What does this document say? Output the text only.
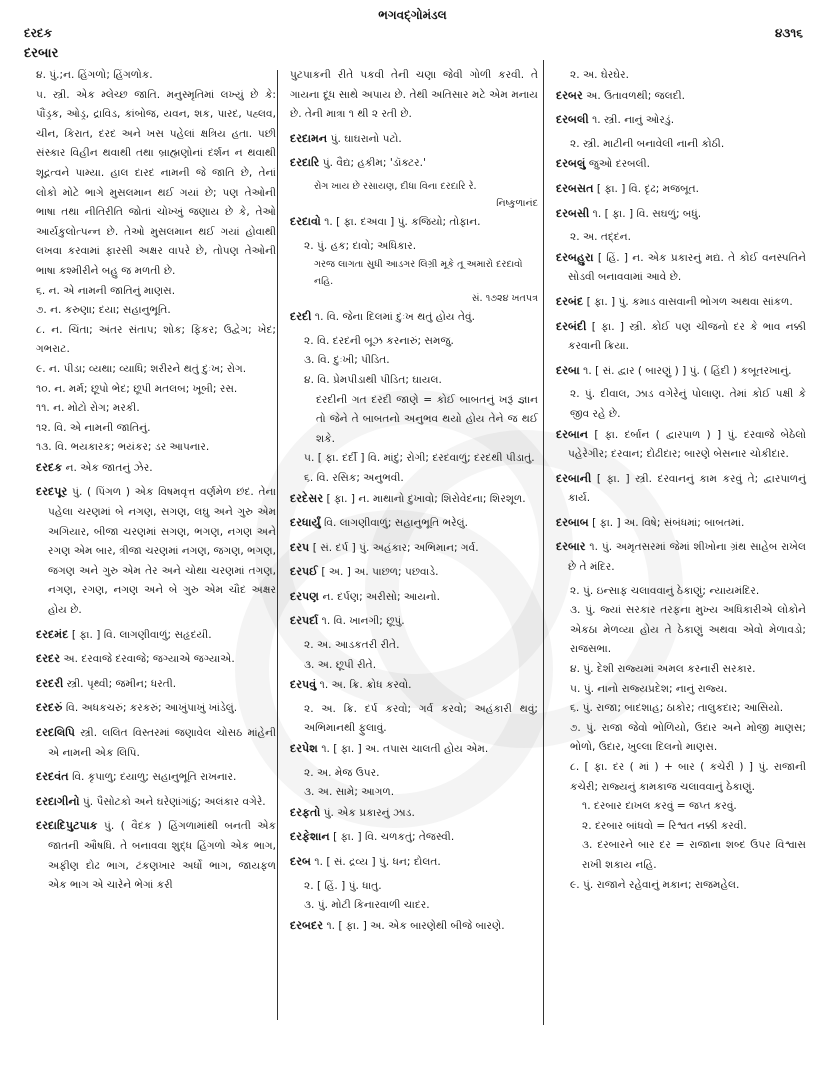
દરદક
દરબાર
ભગવદ્ગોમંડલ
૪૩૧૬
૪. પું.;ન. હિંગળો; હિંગળોક.
૫. સ્ત્રી. એક મ્લેચ્છ જાતિ. મનુસ્મૃતિમાં લખ્યું છે કે: પૌંડ્રક, ઓડ્ર, દ્રાવિડ, કાંબોજ, યવન, શક, પારદ, પહ્લવ, ચીન, કિરાત, દરદ અને ખસ પહેલાં ક્ષત્રિય હતા. પછી સંસ્કાર વિહીન થવાથી તથા બ્રાહ્મણોનાં દર્શન ન થવાથી શૂદ્રત્વને પામ્યા. હાલ દારદ નામની જે જાતિ છે, તેનાં લોકો મોટે ભાગે મુસલમાન થઈ ગયાં છે; પણ તેઓની ભાષા તથા નીતિરીતિ જોતાં ચોખ્ખું જણાય છે કે, તેઓ આર્યકુલોત્પન્ન છે. તેઓ મુસલમાન થઈ ગયાં હોવાથી લખવા કરવામાં ફારસી અક્ષર વાપરે છે, તોપણ તેઓની ભાષા કશ્મીરીને બહુ જ મળતી છે.
૬. ન. એ નામની જાતિનું માણસ.
૭. ન. કરુણા; દયા; સહાનુભૂતિ.
૮. ન. ચિંતા; અંતર સંતાપ; શોક; ફિકર; ઉદ્વેગ; ખેદ; ગભરાટ.
૯. ન. પીડા; વ્યથા; વ્યાધિ; શરીરને થતું દુઃખ; રોગ.
૧૦. ન. મર્મ; છૂપો ભેદ; છૂપી મતલબ; ખૂબી; રસ.
૧૧. ન. મોટો રોગ; મરકી.
૧૨. વિ. એ નામની જાતિનું.
૧૩. વિ. ભયકારક; ભયંકર; ડર આપનાર.
દરદક ન. એક જાતનું ઝેર.
દરદપૂર પું. ( પિંગળ ) એક વિષમવૃત્ત વર્ણમેળ છંદ. તેના પહેલા ચરણમાં બે નગણ, સગણ, લઘુ અને ગુરુ એમ અગિયાર, બીજા ચરણમાં સગણ, ભગણ, નગણ અને રગણ એમ બાર, ત્રીજા ચરણમાં નગણ, જગણ, ભગણ, જગણ અને ગુરુ એમ તેર અને ચોથા ચરણમાં તગણ, નગણ, રગણ, નગણ અને બે ગુરુ એમ ચૌદ અક્ષર હોય છે.
દરદમંદ [ ફા. ] વિ. લાગણીવાળું; સહૃદયી.
દરદર અ. દરવાજે દરવાજે; જગ્યાએ જગ્યાએ.
દરદરી સ્ત્રી. પૃથ્વી; જમીન; ધરતી.
દરદરું વિ. અધકચરું; કરકરું; આખુંપાખું ખાંડેલું.
દરદલિપિ સ્ત્રી. લલિત વિસ્તરમાં જણાવેલ ચોસઠ માંહેની એ નામની એક લિપિ.
દરદવંત વિ. કૃપાળુ; દયાળુ; સહાનુભૂતિ રાખનાર.
દરદાગીનો પું. પૈસોટકો અને ઘરેણાંગાંઠું; અલંકાર વગેરે.
દરદાદિપુટપાક પું. ( વૈદક ) હિંગળામાંથી બનતી એક જાતની ઔષધિ. તે બનાવવા શુદ્ધ હિંગળો એક ભાગ, અફીણ દોઢ ભાગ, ટંકણખાર અર્ધો ભાગ, જાયફળ એક ભાગ એ ચારેને ભેગાં કરી
પુટપાકની રીતે પકવી તેની ચણા જેવી ગોળી કરવી. તે ગાયના દૂધ સાથે અપાય છે. તેથી અતિસાર મટે એમ મનાય છે. તેની માત્રા ૧ થી ૨ રતી છે.
દરદામન પું. ઘાઘરાનો પટો.
દરદારિ પું. વૈદ્ય; હકીમ; 'ડૉક્ટર.'
રોગ ખાય છે રસાયણ, દીધા વિના દરદારિ રે.
નિષ્કુળાનંદ
દરદાવો ૧. [ ફા. દઅવા ] પું. કજિયો; તોફાન.
૨. પું. હક; દાવો; અધિકાર.
ગરજ લાગતા સુધી આડગર લિગ્રી મૂકે તૂ અમારો દરદાવો નહિ.
સં. ૧૭૨૪ ખતપત્ર
દરદી ૧. વિ. જેના દિલમાં દુઃખ થતું હોય તેવું.
૨. વિ. દરદની બૂઝ કરનારું; સમજુ.
૩. વિ. દુઃખી; પીડિત.
૪. વિ. પ્રેમપીડાથી પીડિત; ઘાયલ.
દરદીની ગત દરદી જાણે = કોઈ બાબતનું ખરૂં જ્ઞાન તો જેને તે બાબતનો અનુભવ થયો હોય તેને જ થઈ શકે.
૫. [ ફા. દર્દી ] વિ. માંદું; રોગી; દરદવાળું; દરદથી પીડાતું.
૬. વિ. રસિક; અનુભવી.
દરદેસર [ ફા. ] ન. માથાનો દુખાવો; શિરોવેદના; શિરશૂળ.
દરધાર્યું વિ. લાગણીવાળું; સહાનુભૂતિ ભરેલું.
દરપ [ સં. દર્પ ] પું. અહંકાર; અભિમાન; ગર્વ.
દરપઈ [ અ. ] અ. પાછળ; પછવાડે.
દરપણ ન. દર્પણ; અરીસો; આયનો.
દરપર્દા ૧. વિ. ખાનગી; છૂપું.
૨. અ. આડકતરી રીતે.
૩. અ. છૂપી રીતે.
દરપવું ૧. અ. ક્રિ. ક્રોધ કરવો.
૨. અ. ક્રિ. દર્પ કરવો; ગર્વ કરવો; અહંકારી થવું; અભિમાનથી ફુલાવું.
દરપેશ ૧. [ ફા. ] અ. તપાસ ચાલતી હોય એમ.
૨. અ. મેજ ઉપર.
૩. અ. સામે; આગળ.
દરફતો પું. એક પ્રકારનું ઝાડ.
દરફેશાન [ ફા. ] વિ. ચળકતું; તેજસ્વી.
દરબ ૧. [ સં. દ્રવ્ય ] પું. ધન; દોલત.
૨. [ હિં. ] પું. ધાતુ.
૩. પું. મોટી કિનારવાળી ચાદર.
દરબદર ૧. [ ફા. ] અ. એક બારણેથી બીજે બારણે.
૨. અ. ઘેરઘેર.
દરબર અ. ઉતાવળથી; જલદી.
દરબલી ૧. સ્ત્રી. નાનું ઓરડું.
૨. સ્ત્રી. માટીની બનાવેલી નાની કોઠી.
દરબલું જુઓ દરબલી.
દરબસત [ ફા. ] વિ. દૃઢ; મજબૂત.
દરબસી ૧. [ ફા. ] વિ. સઘળું; બધું.
૨. અ. તદ્દન.
દરબહુરા [ હિં. ] ન. એક પ્રકારનું મદ્ય. તે કોઈ વનસ્પતિને સોડવી બનાવવામાં આવે છે.
દરબંદ [ ફા. ] પું. કમાડ વાસવાની ભોગળ અથવા સાંકળ.
દરબંદી [ ફા. ] સ્ત્રી. કોઈ પણ ચીજનો દર કે ભાવ નક્કી કરવાની ક્રિયા.
દરબા ૧. [ સં. દ્વાર ( બારણું ) ] પું. ( હિંદી ) કબૂતરખાનું.
૨. પું. દીવાલ, ઝાડ વગેરેનું પોલાણ. તેમાં કોઈ પક્ષી કે જીવ રહે છે.
દરબાન [ ફા. દર્બાન ( દ્વારપાળ ) ] પું. દરવાજે બેઠેલો પહેરેગીર; દરવાન; દોઢીદાર; બારણે બેસનાર ચોકીદાર.
દરબાની [ ફા. ] સ્ત્રી. દરવાનનું કામ કરવું તે; દ્વારપાળનું કાર્ય.
દરબાબ [ ફા. ] અ. વિષે; સંબંધમાં; બાબતમાં.
દરબાર ૧. પું. અમૃતસરમાં જેમાં શીખોના ગ્રંથ સાહેબ રાખેલ છે તે મંદિર.
૨. પું. ઇન્સાફ ચલાવવાનું ઠેકાણું; ન્યાયમંદિર.
૩. પું. જ્યાં સરકાર તરફના મુખ્ય અધિકારીએ લોકોને એકઠા મેળવ્યા હોય તે ઠેકાણું અથવા એવો મેળાવડો; રાજસભા.
૪. પું. દેશી રાજ્યમાં અમલ કરનારી સરકાર.
૫. પું. નાનો રાજ્યપ્રદેશ; નાનું રાજ્ય.
૬. પું. રાજા; બાદશાહ; ઠાકોર; તાલુકદાર; આસિયો.
૭. પું. રાજા જેવો ભોળિયો, ઉદાર અને મોજી માણસ; ભોળો, ઉદાર, ખુલ્લા દિલનો માણસ.
૮. [ ફા. દર ( માં ) + બાર ( કચેરી ) ] પું. રાજાની કચેરી; રાજ્યનું કામકાજ ચલાવવાનું ઠેકાણું.
૧. દરબાર દાખલ કરવું = જપ્ત કરવું.
૨. દરબાર બાંધવો = રિશ્વત નક્કી કરવી.
૩. દરબારને બાર દર = રાજાના શબ્દ ઉપર વિશ્વાસ રાખી શકાય નહિ.
૯. પું. રાજાને રહેવાનું મકાન; રાજમહેલ.
